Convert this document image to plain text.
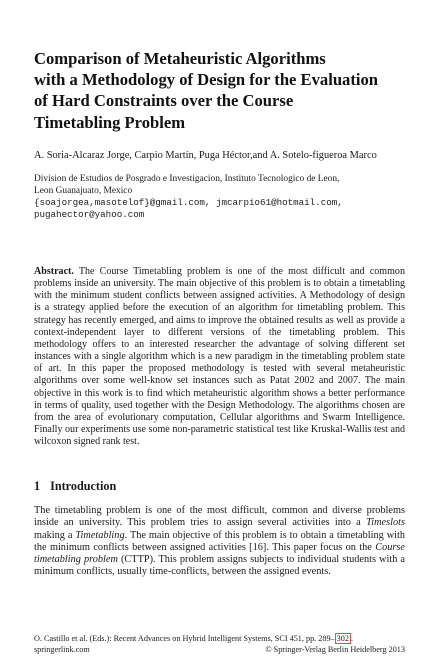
Comparison of Metaheuristic Algorithms
with a Methodology of Design for the Evaluation
of Hard Constraints over the Course
Timetabling Problem
A. Soria-Alcaraz Jorge, Carpio Martín, Puga Héctor,and A. Sotelo-figueroa Marco
Division de Estudios de Posgrado e Investigacion, Instituto Tecnologico de Leon,
Leon Guanajuato, Mexico
{soajorgea,masotelof}@gmail.com, jmcarpio61@hotmail.com,
pugahector@yahoo.com

Abstract. The Course Timetabling problem is one of the most difficult and common problems inside an university. The main objective of this problem is to obtain a timetabling with the minimum student conflicts between assigned activities. A Methodology of design is a strategy applied before the execution of an algorithm for timetabling problem. This strategy has recently emerged, and aims to improve the obtained results as well as provide a context-independent layer to different versions of the timetabling problem. This methodology offers to an interested researcher the advantage of solving different set instances with a single algorithm which is a new paradigm in the timetabling problem state of art. In this paper the proposed methodology is tested with several metaheuristic algorithms over some well-know set instances such as Patat 2002 and 2007. The main objective in this work is to find which metaheuristic algorithm shows a better performance in terms of quality, used together with the Design Methodology. The algorithms chosen are from the area of evolutionary computation, Cellular algorithms and Swarm Intelligence. Finally our experiments use some non-parametric statistical test like Kruskal-Wallis test and wilcoxon signed rank test.

1 Introduction

The timetabling problem is one of the most difficult, common and diverse problems inside an university. This problem tries to assign several activities into a Timeslots making a Timetabling. The main objective of this problem is to obtain a timetabling with the minimum conflicts between assigned activities [16]. This paper focus on the Course timetabling problem (CTTP). This problem assigns subjects to individual students with a minimum conflicts, usually time-conflicts, between the assigned events.

O. Castillo et al. (Eds.): Recent Advances on Hybrid Intelligent Systems, SCI 451, pp. 289– 302 .
springerlink.com	© Springer-Verlag Berlin Heidelberg 2013
